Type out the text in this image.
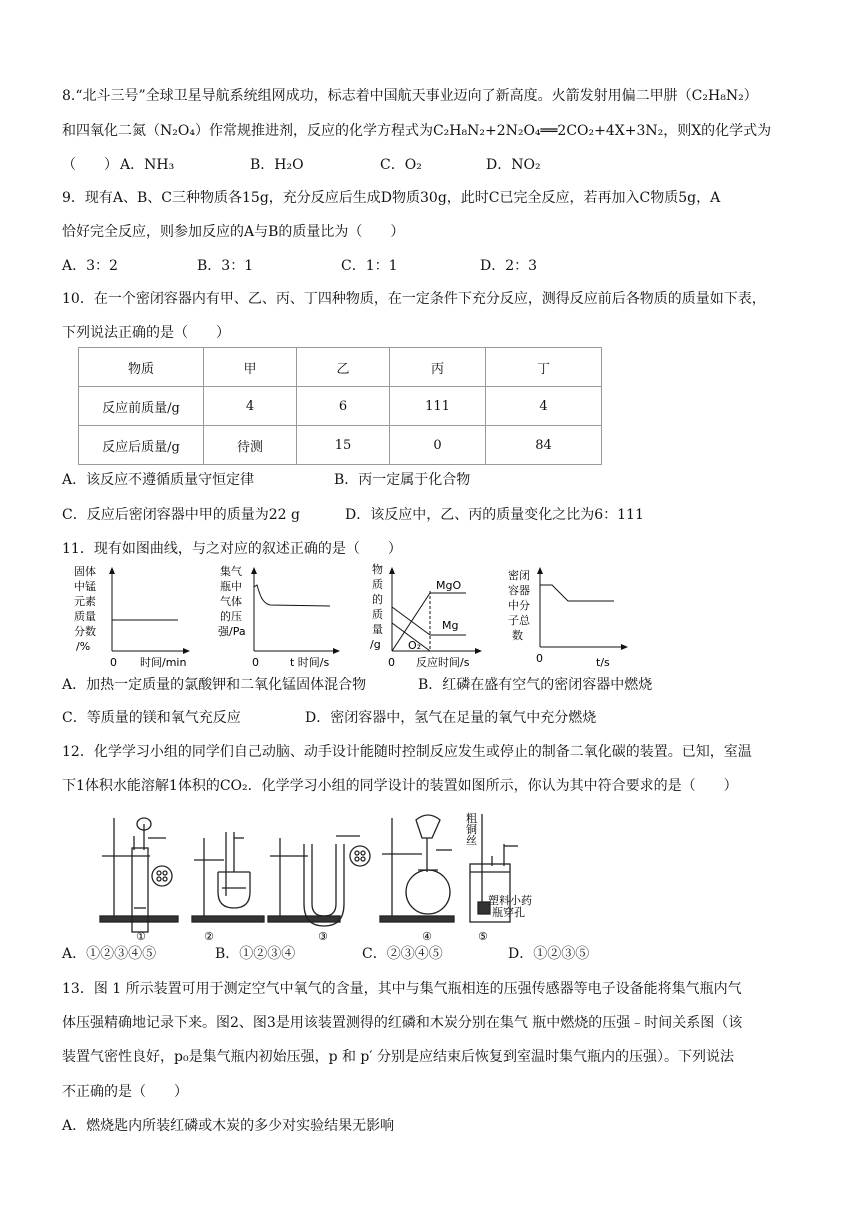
8.“北斗三号”全球卫星导航系统组网成功，标志着中国航天事业迈向了新高度。火箭发射用偏二甲肼（C₂H₈N₂）
和四氧化二氮（N₂O₄）作常规推进剂，反应的化学方程式为C₂H₈N₂+2N₂O₄══2CO₂+4X+3N₂，则X的化学式为
（　　） A．NH₃	B．H₂O	C．O₂	D．NO₂
9．现有A、B、C三种物质各15g，充分反应后生成D物质30g，此时C已完全反应，若再加入C物质5g，A
恰好完全反应，则参加反应的A与B的质量比为（　　）
A．3：2	B．3：1	C．1：1	D．2：3
10．在一个密闭容器内有甲、乙、丙、丁四种物质，在一定条件下充分反应，测得反应前后各物质的质量如下表，
下列说法正确的是（　　）
物质	甲	乙	丙	丁
反应前质量/g	4	6	111	4
反应后质量/g	待测	15	0	84
A．该反应不遵循质量守恒定律	B．丙一定属于化合物
C．反应后密闭容器中甲的质量为22 g	D．该反应中，乙、丙的质量变化之比为6：111
11．现有如图曲线，与之对应的叙述正确的是（　　）
固体
中锰
元素
质量
分数
/%
0 时间/min
集气
瓶中
气体
的压
强/Pa
0	t 时间/s
物
质
的
质
量
/g
MgO
Mg
O₂
0 反应时间/s
密闭
容器
中分
子总
数
0	t/s
A．加热一定质量的氯酸钾和二氧化锰固体混合物	B．红磷在盛有空气的密闭容器中燃烧
C．等质量的镁和氧气充反应	D．密闭容器中，氢气在足量的氧气中充分燃烧
12．化学学习小组的同学们自己动脑、动手设计能随时控制反应发生或停止的制备二氧化碳的装置。已知，室温
下1体积水能溶解1体积的CO₂．化学学习小组的同学设计的装置如图所示，你认为其中符合要求的是（　　）
粗
铜
丝
塑料小药
瓶穿孔
①	②	③	④	⑤
A．①②③④⑤	B．①②③④	C．②③④⑤	D．①②③⑤
13．图 1 所示装置可用于测定空气中氧气的含量，其中与集气瓶相连的压强传感器等电子设备能将集气瓶内气
体压强精确地记录下来。图2、图3是用该装置测得的红磷和木炭分别在集气 瓶中燃烧的压强﹣时间关系图（该
装置气密性良好，p₀是集气瓶内初始压强，p 和 p′ 分别是应结束后恢复到室温时集气瓶内的压强）。下列说法
不正确的是（　　）
A．燃烧匙内所装红磷或木炭的多少对实验结果无影响
